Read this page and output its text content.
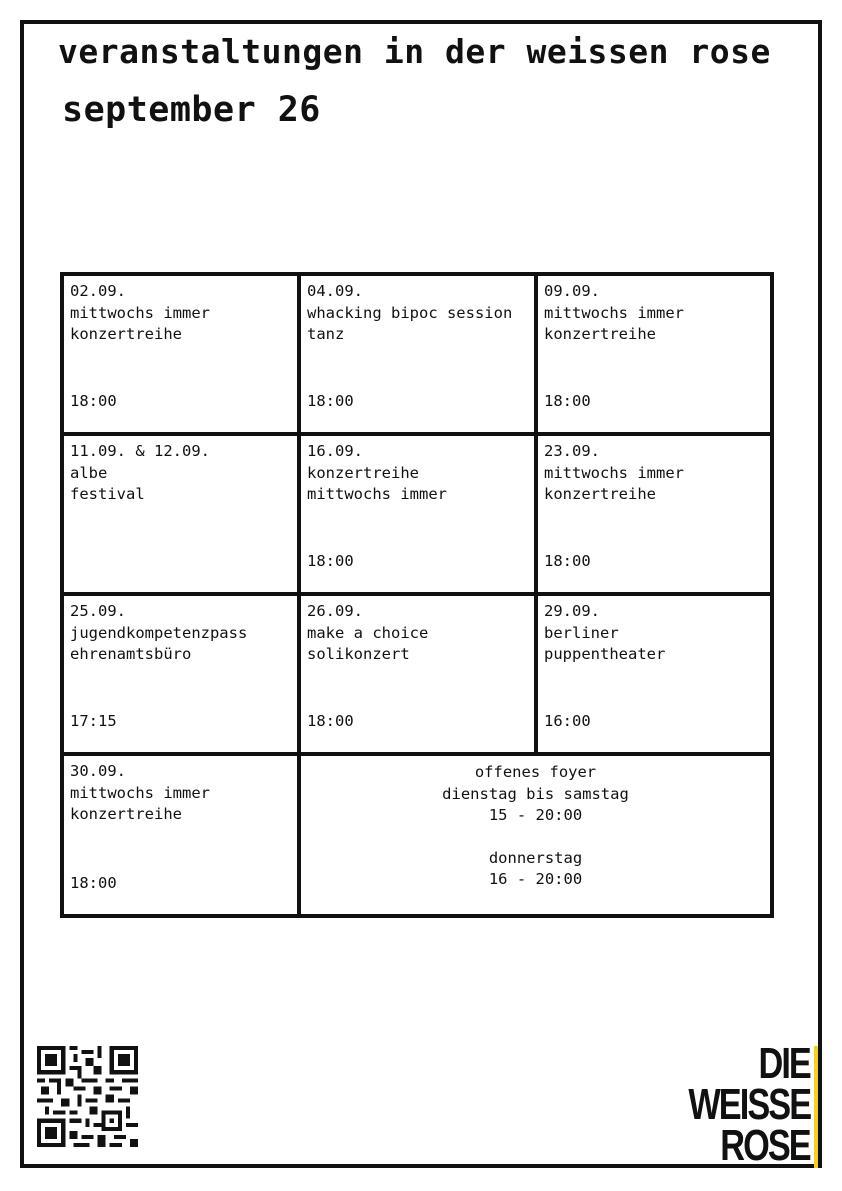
veranstaltungen in der weissen rose
september 26
02.09.
mittwochs immer
konzertreihe
18:00
04.09.
whacking bipoc session
tanz
18:00
09.09.
mittwochs immer
konzertreihe
18:00
11.09. & 12.09.
albe
festival
16.09.
konzertreihe
mittwochs immer
18:00
23.09.
mittwochs immer
konzertreihe
18:00
25.09.
jugendkompetenzpass
ehrenamtsbüro
17:15
26.09.
make a choice
solikonzert
18:00
29.09.
berliner
puppentheater
16:00
30.09.
mittwochs immer
konzertreihe
18:00
offenes foyer
dienstag bis samstag
15 - 20:00
donnerstag
16 - 20:00
DIE
WEISSE
ROSE
